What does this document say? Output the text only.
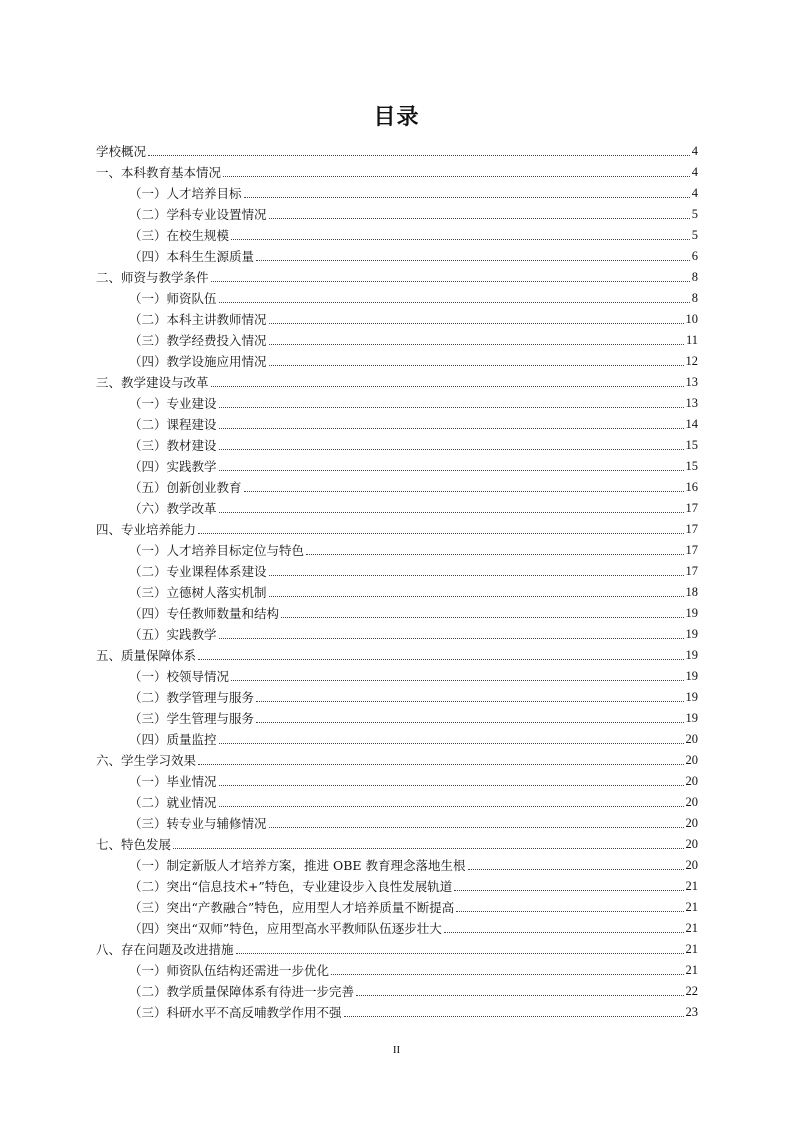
目录
学校概况	4
一、本科教育基本情况	4
（一）人才培养目标	4
（二）学科专业设置情况	5
（三）在校生规模	5
（四）本科生生源质量	6
二、师资与教学条件	8
（一）师资队伍	8
（二）本科主讲教师情况	10
（三）教学经费投入情况	11
（四）教学设施应用情况	12
三、教学建设与改革	13
（一）专业建设	13
（二）课程建设	14
（三）教材建设	15
（四）实践教学	15
（五）创新创业教育	16
（六）教学改革	17
四、专业培养能力	17
（一）人才培养目标定位与特色	17
（二）专业课程体系建设	17
（三）立德树人落实机制	18
（四）专任教师数量和结构	19
（五）实践教学	19
五、质量保障体系	19
（一）校领导情况	19
（二）教学管理与服务	19
（三）学生管理与服务	19
（四）质量监控	20
六、学生学习效果	20
（一）毕业情况	20
（二）就业情况	20
（三）转专业与辅修情况	20
七、特色发展	20
（一）制定新版人才培养方案，推进 OBE 教育理念落地生根	20
（二）突出“信息技术+”特色，专业建设步入良性发展轨道	21
（三）突出“产教融合”特色，应用型人才培养质量不断提高	21
（四）突出“双师”特色，应用型高水平教师队伍逐步壮大	21
八、存在问题及改进措施	21
（一）师资队伍结构还需进一步优化	21
（二）教学质量保障体系有待进一步完善	22
（三）科研水平不高反哺教学作用不强	23
II
